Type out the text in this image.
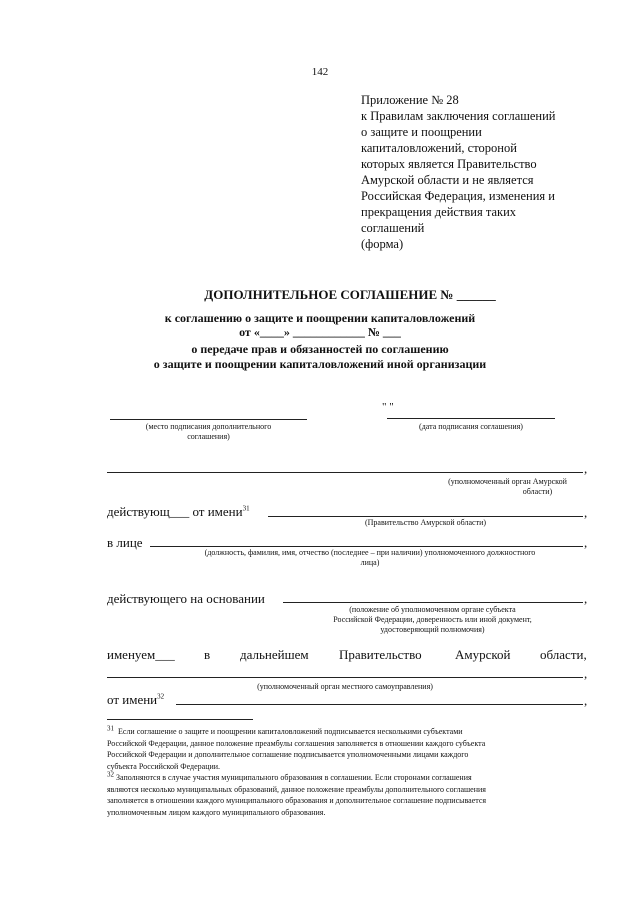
142
Приложение № 28
к Правилам заключения соглашений
о защите и поощрении
капиталовложений, стороной
которых является Правительство
Амурской области и не является
Российская Федерация, изменения и
прекращения действия таких
соглашений
(форма)
ДОПОЛНИТЕЛЬНОЕ СОГЛАШЕНИЕ № ______
к соглашению о защите и поощрении капиталовложений
от «____» ____________ № ___
о передаче прав и обязанностей по соглашению
о защите и поощрении капиталовложений иной организации
(место подписания дополнительного
соглашения)
" "
(дата подписания соглашения)
,
(уполномоченный орган Амурской
области)
действующ___ от имени$^{31}$	,
(Правительство Амурской области)
в лице	,
(должность, фамилия, имя, отчество (последнее – при наличии) уполномоченного должностного
лица)
действующего на основании	,
(положение об уполномоченном органе субъекта
Российской Федерации, доверенность или иной документ,
удостоверяющий полномочия)
именуем___ в дальнейшем Правительство	Амурской области,
,
(уполномоченный орган местного самоуправления)
от имени$^{32}$	,
$^{31}$ Если соглашение о защите и поощрении капиталовложений подписывается несколькими субъектами
Российской Федерации, данное положение преамбулы соглашения заполняется в отношении каждого субъекта
Российской Федерации и дополнительное соглашение подписывается уполномоченными лицами каждого
субъекта Российской Федерации.
$^{32}$ Заполняются в случае участия муниципального образования в соглашении. Если сторонами соглашения
являются несколько муниципальных образований, данное положение преамбулы дополнительного соглашения
заполняется в отношении каждого муниципального образования и дополнительное соглашение подписывается
уполномоченным лицом каждого муниципального образования.
